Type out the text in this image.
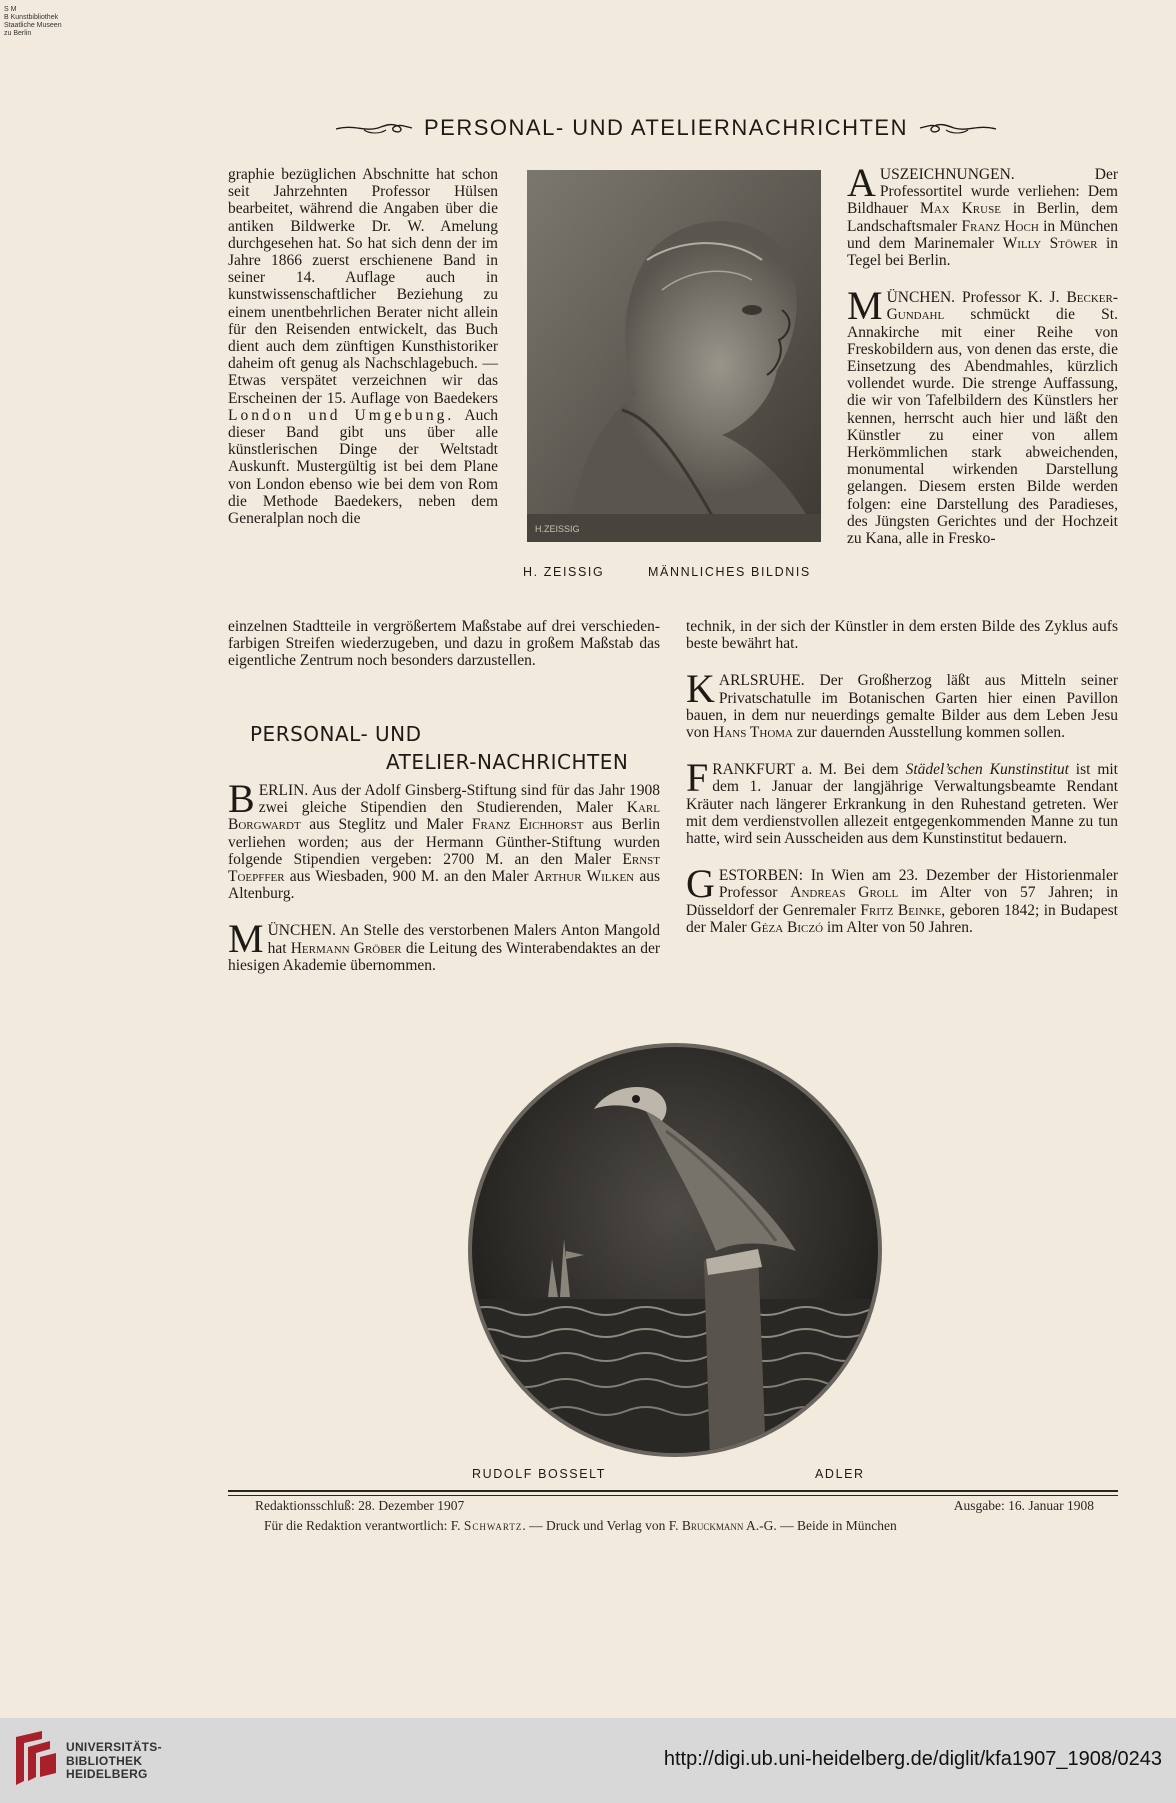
S M
B Kunstbibliothek
Staatliche Museen
zu Berlin
PERSONAL- UND ATELIERNACHRICHTEN

graphie bezüglichen Abschnitte hat schon seit Jahrzehnten Professor Hülsen bearbeitet, während die Angaben über die antiken Bildwerke Dr. W. Amelung durchgesehen hat. So hat sich denn der im Jahre 1866 zuerst erschienene Band in seiner 14. Auflage auch in kunstwissenschaftlicher Beziehung zu einem unentbehrlichen Berater nicht allein für den Reisenden entwickelt, das Buch dient auch dem zünftigen Kunsthistoriker daheim oft genug als Nachschlagebuch. — Etwas verspätet verzeichnen wir das Erscheinen der 15. Auflage von Baedekers London und Umgebung. Auch dieser Band gibt uns über alle künstlerischen Dinge der Weltstadt Auskunft. Mustergültig ist bei dem Plane von London ebenso wie bei dem von Rom die Methode Baedekers, neben dem Generalplan noch die

einzelnen Stadtteile in vergrößertem Maßstabe auf drei verschieden-farbigen Streifen wiederzugeben, und dazu in großem Maßstab das eigentliche Zentrum noch besonders darzustellen.

H.ZEISSIG
H. ZEISSIG	MÄNNLICHES BILDNIS
PERSONAL- UND
ATELIER-NACHRICHTEN
BERLIN. Aus der Adolf Ginsberg-Stiftung sind für das Jahr 1908 zwei gleiche Stipendien den Studierenden, Maler Karl Borgwardt aus Steglitz und Maler Franz Eichhorst aus Berlin verliehen worden; aus der Hermann Günther-Stiftung wurden folgende Stipendien vergeben: 2700 M. an den Maler Ernst Toepffer aus Wiesbaden, 900 M. an den Maler Arthur Wilken aus Altenburg.
MÜNCHEN. An Stelle des verstorbenen Malers Anton Mangold hat Hermann Gröber die Leitung des Winterabendaktes an der hiesigen Akademie übernommen.
AUSZEICHNUNGEN. Der Professortitel wurde verliehen: Dem Bildhauer Max Kruse in Berlin, dem Landschaftsmaler Franz Hoch in München und dem Marinemaler Willy Stöwer in Tegel bei Berlin.
MÜNCHEN. Professor K. J. Becker-Gundahl schmückt die St. Annakirche mit einer Reihe von Freskobildern aus, von denen das erste, die Einsetzung des Abendmahles, kürzlich vollendet wurde. Die strenge Auffassung, die wir von Tafelbildern des Künstlers her kennen, herrscht auch hier und läßt den Künstler zu einer von allem Herkömmlichen stark abweichenden, monumental wirkenden Darstellung gelangen. Diesem ersten Bilde werden folgen: eine Darstellung des Paradieses, des Jüngsten Gerichtes und der Hochzeit zu Kana, alle in Fresko-
technik, in der sich der Künstler in dem ersten Bilde des Zyklus aufs beste bewährt hat.
KARLSRUHE. Der Großherzog läßt aus Mitteln seiner Privatschatulle im Botanischen Garten hier einen Pavillon bauen, in dem nur neuerdings gemalte Bilder aus dem Leben Jesu von Hans Thoma zur dauernden Ausstellung kommen sollen.
FRANKFURT a. M. Bei dem Städel’schen Kunstinstitut ist mit dem 1. Januar der langjährige Verwaltungsbeamte Rendant Kräuter nach längerer Erkrankung in den Ruhestand getreten. Wer mit dem verdienstvollen allezeit entgegenkommenden Manne zu tun hatte, wird sein Ausscheiden aus dem Kunstinstitut bedauern.
GESTORBEN: In Wien am 23. Dezember der Historienmaler Professor Andreas Groll im Alter von 57 Jahren; in Düsseldorf der Genremaler Fritz Beinke, geboren 1842; in Budapest der Maler Géza Biczó im Alter von 50 Jahren.
RUDOLF BOSSELT	ADLER
Redaktionsschluß: 28. Dezember 1907	Ausgabe: 16. Januar 1908
Für die Redaktion verantwortlich: F. Schwartz. — Druck und Verlag von F. Bruckmann A.-G. — Beide in München
UNIVERSITÄTS-
BIBLIOTHEK
HEIDELBERG
http://digi.ub.uni-heidelberg.de/diglit/kfa1907_1908/0243
